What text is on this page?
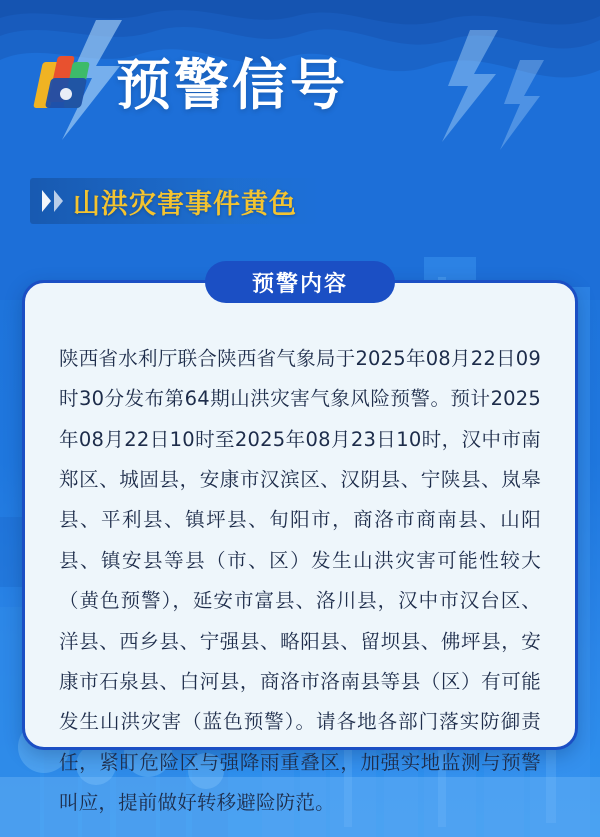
预警信号
山洪灾害事件黄色
预警内容

陕西省水利厅联合陕西省气象局于2025年08月22日09时30分发布第64期山洪灾害气象风险预警。预计2025年08月22日10时至2025年08月23日10时，汉中市南郑区、城固县，安康市汉滨区、汉阴县、宁陕县、岚皋县、平利县、镇坪县、旬阳市，商洛市商南县、山阳县、镇安县等县（市、区）发生山洪灾害可能性较大（黄色预警），延安市富县、洛川县，汉中市汉台区、洋县、西乡县、宁强县、略阳县、留坝县、佛坪县，安康市石泉县、白河县，商洛市洛南县等县（区）有可能发生山洪灾害（蓝色预警）。请各地各部门落实防御责任，紧盯危险区与强降雨重叠区，加强实地监测与预警叫应，提前做好转移避险防范。
